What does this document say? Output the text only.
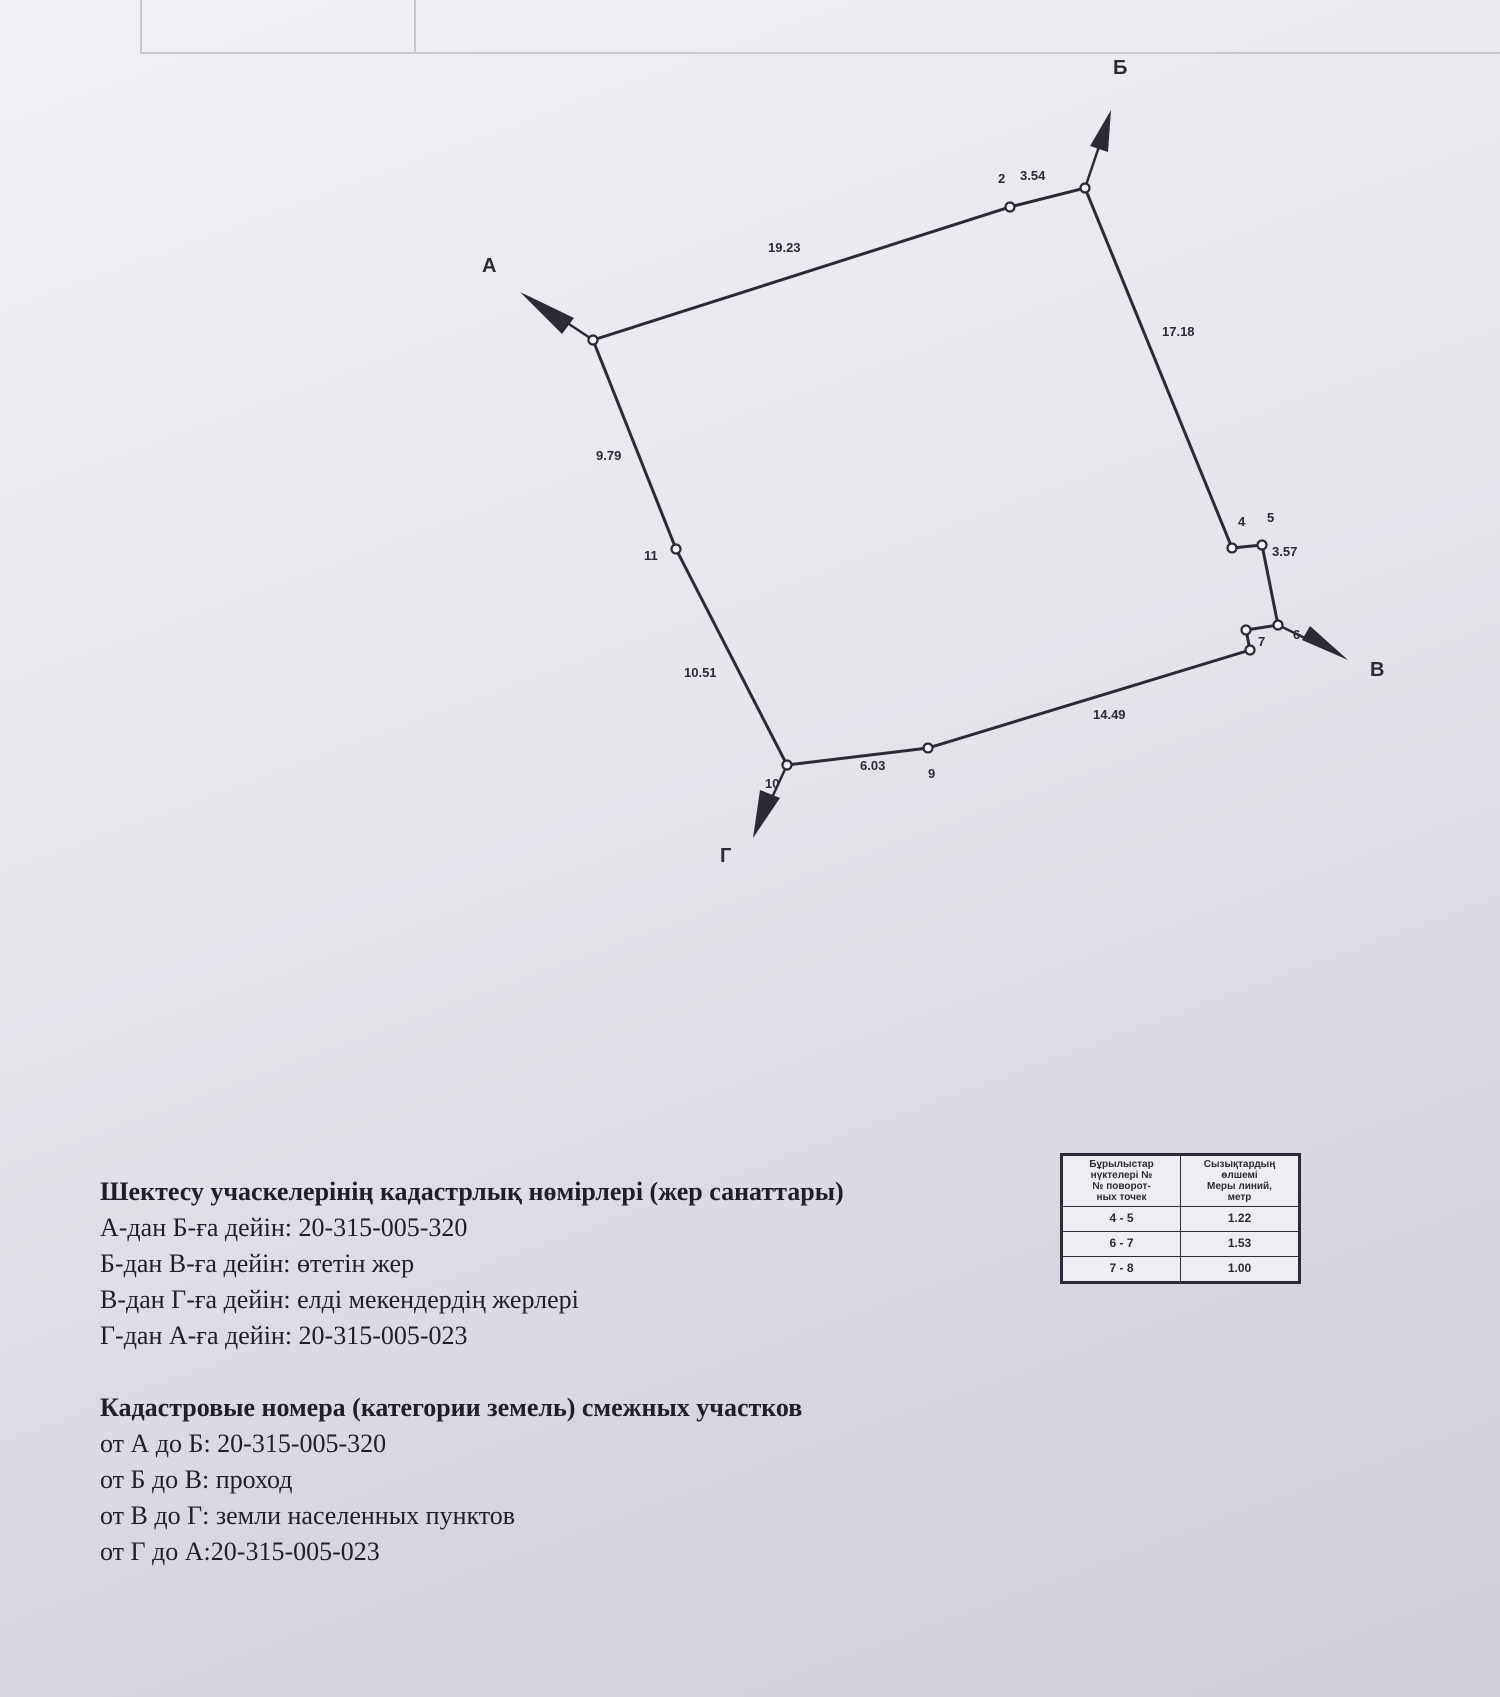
А
Б
В
Г
2
4 5
6
7
9
10
11
19.23
3.54
17.18
3.57
14.49
6.03
10.51
9.79
Бұрылыстар
нүктелері №
№ поворот-
ных точек	Сызықтардың
өлшемі
Меры линий,
метр
4 - 5	1.22
6 - 7	1.53
7 - 8	1.00
Шектесу учаскелерінің кадастрлық нөмірлері (жер санаттары)
А-дан Б-ға дейін: 20-315-005-320
Б-дан В-ға дейін: өтетін жер
В-дан Г-ға дейін: елді мекендердің жерлері
Г-дан А-ға дейін: 20-315-005-023
Кадастровые номера (категории земель) смежных участков
от А до Б: 20-315-005-320
от Б до В: проход
от В до Г: земли населенных пунктов
от Г до А:20-315-005-023
